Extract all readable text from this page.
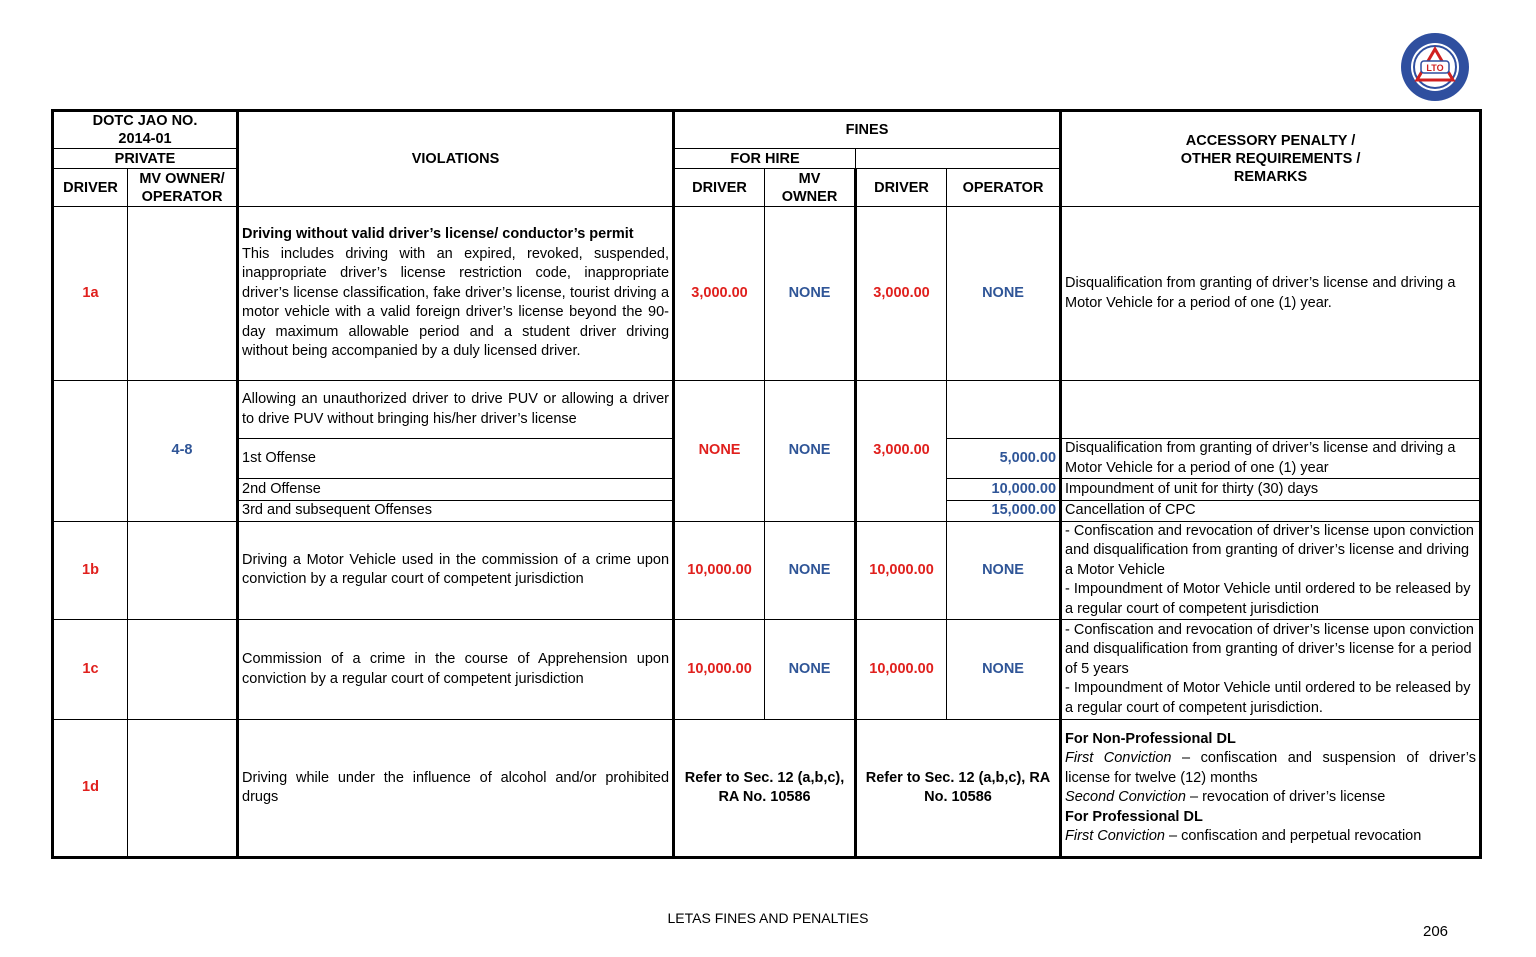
LTO
DOTC JAO NO.
2014-01		VIOLATIONS	FINES				ACCESSORY PENALTY /
OTHER REQUIREMENTS /
REMARKS
PRIVATE			FOR HIRE				
DRIVER	MV OWNER/
OPERATOR		DRIVER	MV
OWNER	DRIVER	OPERATOR	
1a		Driving without valid driver’s license/ conductor’s permit
This includes driving with an expired, revoked, suspended, inappropriate driver’s license restriction code, inappropriate driver’s license classification, fake driver’s license, tourist driving a motor vehicle with a valid foreign driver’s license beyond the 90-day maximum allowable period and a student driver driving without being accompanied by a duly licensed driver.	3,000.00	NONE	3,000.00	NONE	Disqualification from granting of driver’s license and driving a Motor Vehicle for a period of one (1) year.
	4-8	Allowing an unauthorized driver to drive PUV or allowing a driver to drive PUV without bringing his/her driver’s license	NONE	NONE	3,000.00		
		1st Offense				5,000.00	Disqualification from granting of driver’s license and driving a Motor Vehicle for a period of one (1) year
		2nd Offense				10,000.00	Impoundment of unit for thirty (30) days
		3rd and subsequent Offenses				15,000.00	Cancellation of CPC
1b		Driving a Motor Vehicle used in the commission of a crime upon conviction by a regular court of competent jurisdiction	10,000.00	NONE	10,000.00	NONE	- Confiscation and revocation of driver’s license upon conviction and disqualification from granting of driver’s license and driving a Motor Vehicle
- Impoundment of Motor Vehicle until ordered to be released by a regular court of competent jurisdiction
1c		Commission of a crime in the course of Apprehension upon conviction by a regular court of competent jurisdiction	10,000.00	NONE	10,000.00	NONE	- Confiscation and revocation of driver’s license upon conviction and disqualification from granting of driver’s license for a period of 5 years
- Impoundment of Motor Vehicle until ordered to be released by a regular court of competent jurisdiction.
1d		Driving while under the influence of alcohol and/or prohibited drugs	Refer to Sec. 12 (a,b,c), RA No. 10586		Refer to Sec. 12 (a,b,c), RA No. 10586		For Non-Professional DL
First Conviction – confiscation and suspension of driver’s license for twelve (12) months
Second Conviction – revocation of driver’s license
For Professional DL
First Conviction – confiscation and perpetual revocation
LETAS FINES AND PENALTIES
206
